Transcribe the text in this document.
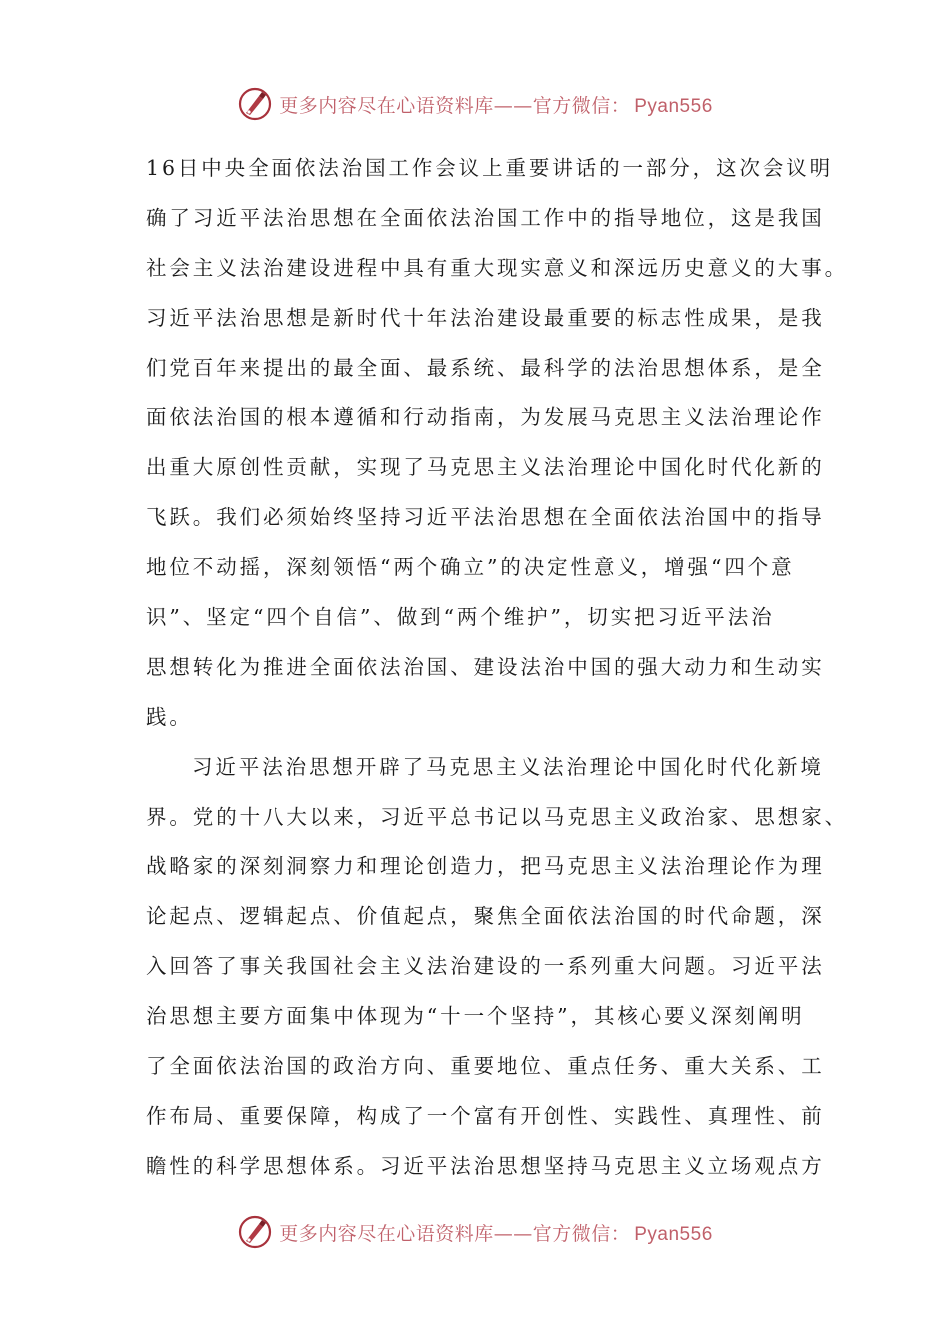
更多内容尽在心语资料库——官方微信： Pyan556
16日中央全面依法治国工作会议上重要讲话的一部分，这次会议明
确了习近平法治思想在全面依法治国工作中的指导地位，这是我国
社会主义法治建设进程中具有重大现实意义和深远历史意义的大事。
习近平法治思想是新时代十年法治建设最重要的标志性成果，是我
们党百年来提出的最全面、最系统、最科学的法治思想体系，是全
面依法治国的根本遵循和行动指南，为发展马克思主义法治理论作
出重大原创性贡献，实现了马克思主义法治理论中国化时代化新的
飞跃。我们必须始终坚持习近平法治思想在全面依法治国中的指导
地位不动摇，深刻领悟“两个确立”的决定性意义，增强“四个意
识”、坚定“四个自信”、做到“两个维护”，切实把习近平法治
思想转化为推进全面依法治国、建设法治中国的强大动力和生动实
践。
习近平法治思想开辟了马克思主义法治理论中国化时代化新境
界。党的十八大以来，习近平总书记以马克思主义政治家、思想家、
战略家的深刻洞察力和理论创造力，把马克思主义法治理论作为理
论起点、逻辑起点、价值起点，聚焦全面依法治国的时代命题，深
入回答了事关我国社会主义法治建设的一系列重大问题。习近平法
治思想主要方面集中体现为“十一个坚持”，其核心要义深刻阐明
了全面依法治国的政治方向、重要地位、重点任务、重大关系、工
作布局、重要保障，构成了一个富有开创性、实践性、真理性、前
瞻性的科学思想体系。习近平法治思想坚持马克思主义立场观点方
更多内容尽在心语资料库——官方微信： Pyan556
